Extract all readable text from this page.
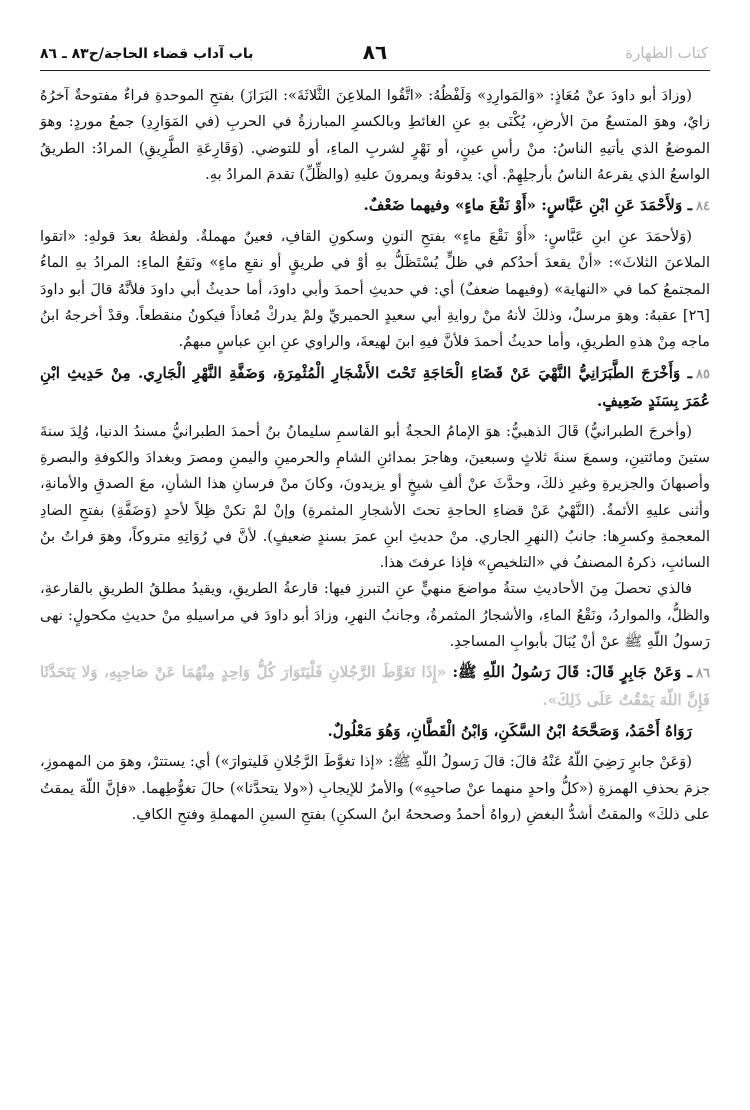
كتاب الطهارة
٨٦
باب آداب قضاء الحاجة/ح٨٣ ـ ٨٦

(وزادَ أبو داودَ عنْ مُعَاذٍ: «وَالمَوارِدِ» وَلَفْظُهُ: «اتَّقُوا الملاعِنَ الثَّلاثَةَ»: البَرَازَ) بفتحِ الموحدةِ فراءٌ مفتوحةٌ آخرُهُ زايٌ، وهوَ المتسعُ منَ الأرضِ، يُكْنَى بهِ عنِ الغائطِ وبالكسرِ المبارزةُ في الحربِ (في المَوَارِدِ) جمعُ موردٍ: وهوَ الموضعُ الذي يأتيهِ الناسُ: منْ رأسِ عينٍ، أو نَهْرٍ لشربِ الماءِ، أو للتوضي. (وَقَارِعَةِ الطَّرِيقِ) المرادُ: الطريقُ الواسعُ الذي يقرعهُ الناسُ بأرجلِهِمْ. أي: يدقونهُ ويمرونَ عليهِ (والظِّلِّ) تقدمَ المرادُ بهِ.

٨٤ـ وَلأَحْمَدَ عَنِ ابْنِ عَبَّاسٍ: «أَوْ نَقْعَ ماءٍ» وفيهما ضَعْفٌ.

(وَلأحمَدَ عنِ ابنِ عَبَّاسٍ: «أَوْ نَقْعَ ماءٍ» بفتحِ النونِ وسكونِ القافِ، فعينٌ مهملةٌ. ولفظهُ بعدَ قولهِ: «اتقوا الملاعنَ الثلاثَ»: «أنْ يقعدَ أحدُكم في ظلٍّ يُسْتَظَلُّ بهِ أوْ في طريقٍ أو نقعِ ماءٍ» ونَقعُ الماءِ: المرادُ بهِ الماءُ المجتمعُ كما في «النهاية» (وفيهما ضعفٌ) أي: في حديثِ أحمدَ وأبي داودَ، أما حديثُ أبي داودَ فلأنَّهُ قالَ أبو داودَ [٢٦] عقبهُ: وهوَ مرسلٌ، وذلكَ لأنهُ منْ روايةِ أبي سعيدٍ الحميريِّ ولمْ يدركْ مُعاذاً فيكونُ منقطعاً. وقدْ أخرجهُ ابنُ ماجه مِنْ هذهِ الطريقِ، وأما حديثُ أحمدَ فلأنَّ فيهِ ابنَ لهيعةَ، والراوي عنِ ابنِ عباسٍ مبهمٌ.

٨٥ـ وَأَخْرَجَ الطَّبَرَانِيُّ النَّهْيَ عَنْ قَضَاءِ الْحَاجَةِ تَحْتَ الأَشْجَارِ الْمُثْمِرَةِ، وَضَفَّةِ النَّهْرِ الْجَارِي. مِنْ حَدِيثِ ابْنِ عُمَرَ بِسَنَدٍ ضَعِيفٍ.

(وأخرجَ الطبرانيُّ) قَالَ الذهبيُّ: هوَ الإمامُ الحجةُ أبو القاسمِ سليمانُ بنُ أحمدَ الطبرانيُّ مسندُ الدنيا، وُلِدَ سنةَ ستينَ ومائتينِ، وسمعَ سنةَ ثلاثٍ وسبعينَ، وهاجرَ بمدائنِ الشامِ والحرمينِ واليمنِ ومصرَ وبغدادَ والكوفةِ والبصرةِ وأصبهانَ والجزيرةِ وغيرِ ذلكَ، وحدَّثَ عنْ ألفِ شيخٍ أو يزيدونَ، وكانَ منْ فرسانِ هذا الشأنِ، معَ الصدقِ والأمانةِ، وأثنى عليهِ الأئمةُ. (النَّهْيُ عَنْ قضاءِ الحاجةِ تحتَ الأشجارِ المثمرةِ) وإنْ لمْ تكنْ ظِلاً لأحدٍ (وَضَفَّةِ) بفتحِ الضادِ المعجمةِ وكسرِها: جانبُ (النهرِ الجاري. منْ حديثِ ابنِ عمرَ بسندٍ ضعيفٍ). لأنَّ في رُوَاتِهِ متروكاً، وهوَ فراتُ بنُ السائبِ، ذكرهُ المصنفُ في «التلخيصِ» فإذا عرفتَ هذا.

فالذي تحصلَ مِنَ الأحاديثِ ستةُ مواضعَ منهيٍّ عنِ التبرزِ فيها: قارعةُ الطريقِ، ويقيدُ مطلقُ الطريقِ بالقارعةِ، والظلُّ، والمواردُ، ونَقْعُ الماءِ، والأشجارُ المثمرةُ، وجانبُ النهرِ، وزادَ أبو داودَ في مراسيلهِ منْ حديثِ مكحولٍ: نهى رَسولُ اللّهِ ﷺ عنْ أنْ يُبَالَ بأبوابِ المساجدِ.

٨٦ـ وَعَنْ جَابِرٍ قَالَ: قَالَ رَسُولُ اللّهِ ﷺ: «إِذَا تَغَوَّطَ الرَّجُلانِ فَلْيَتَوَارَ كُلُّ وَاحِدٍ مِنْهُمَا عَنْ صَاحِبِهِ، وَلا يَتَحَدَّثَا فَإِنَّ اللّهَ يَمْقُتُ عَلَى ذَلِكَ».

رَوَاهُ أَحْمَدُ، وَصَحَّحَهُ ابْنُ السَّكَنِ، وَابْنُ الْقَطَّانِ، وَهُوَ مَعْلُولٌ.

(وَعَنْ جابرٍ رَضِيَ اللّهُ عَنْهُ قالَ: قالَ رَسولُ اللّهِ ﷺ: «إذا تغوَّطَ الرَّجُلانِ فَليتوارَ») أي: يستترْ، وهوَ من المهموزِ، جزمَ بحذفِ الهمزةِ («كلُّ واحدٍ منهما عنْ صاحبِهِ») والأمرُ للإيجابِ («ولا يتحدَّثا») حالَ تغوُّطِهما. «فإنَّ اللّهَ يمقتُ على ذلكَ» والمقتُ أشدُّ البغضِ (رواهُ أحمدُ وصححهُ ابنُ السكنِ) بفتحِ السينِ المهملةِ وفتحِ الكافِ.
